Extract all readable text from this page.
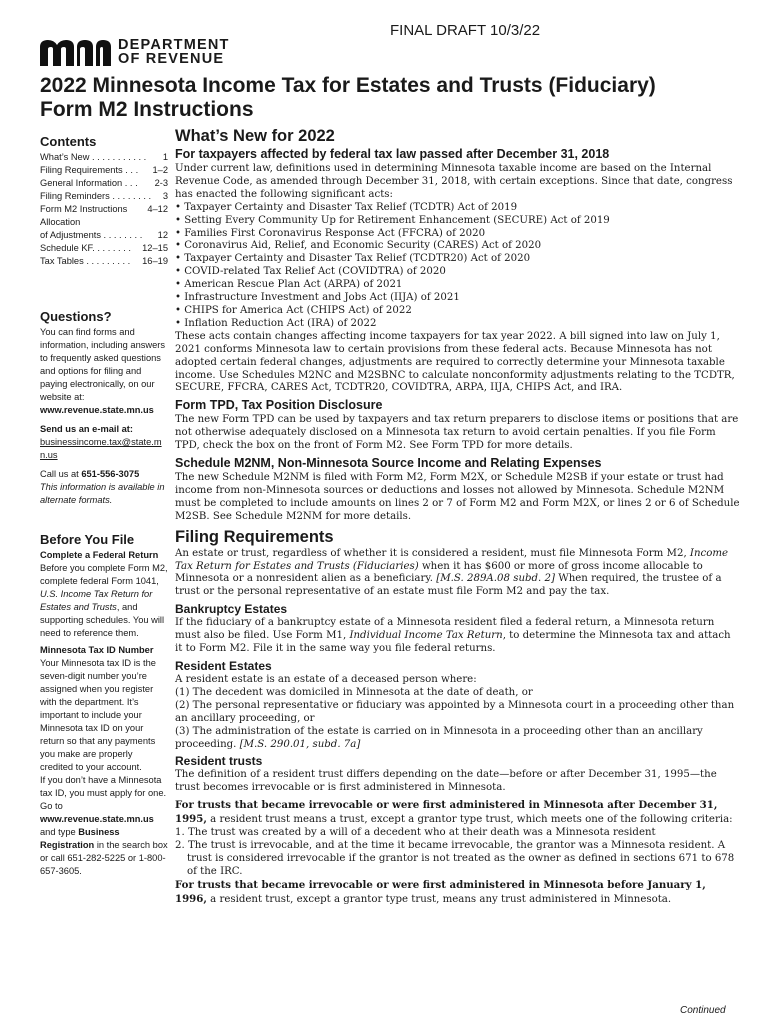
FINAL DRAFT 10/3/22
DEPARTMENT
OF REVENUE
2022 Minnesota Income Tax for Estates and Trusts (Fiduciary)
Form M2 Instructions
Contents
What’s New . . . . . . . . . . . 1
Filing Requirements . . . 1–2
General Information . . . 2-3
Filing Reminders . . . . . . . . 3
Form M2 Instructions 4–12
Allocation
of Adjustments . . . . . . . . 12
Schedule KF. . . . . . . . 12–15
Tax Tables . . . . . . . . . 16–19
Questions?

You can find forms and information, including answers to frequently asked questions and options for filing and paying electronically, on our website at:

www.revenue.state.mn.us

Send us an e-mail at:

businessincome.tax@state.mn.us

Call us at 651-556-3075

This information is available in alternate formats.

Before You File

Complete a Federal Return

Before you complete Form M2, complete federal Form 1041, U.S. Income Tax Return for Estates and Trusts, and supporting schedules. You will need to reference them.

Minnesota Tax ID Number

Your Minnesota tax ID is the seven-digit number you’re assigned when you register with the department. It’s important to include your Minnesota tax ID on your return so that any payments you make are properly credited to your account.

If you don’t have a Minnesota tax ID, you must apply for one. Go to www.revenue.state.mn.us and type Business Registration in the search box or call 651-282-5225 or 1-800-657-3605.

What’s New for 2022
For taxpayers affected by federal tax law passed after December 31, 2018

Under current law, definitions used in determining Minnesota taxable income are based on the Internal Revenue Code, as amended through December 31, 2018, with certain exceptions. Since that date, congress has enacted the following significant acts:

• Taxpayer Certainty and Disaster Tax Relief (TCDTR) Act of 2019
• Setting Every Community Up for Retirement Enhancement (SECURE) Act of 2019
• Families First Coronavirus Response Act (FFCRA) of 2020
• Coronavirus Aid, Relief, and Economic Security (CARES) Act of 2020
• Taxpayer Certainty and Disaster Tax Relief (TCDTR20) Act of 2020
• COVID-related Tax Relief Act (COVIDTRA) of 2020
• American Rescue Plan Act (ARPA) of 2021
• Infrastructure Investment and Jobs Act (IIJA) of 2021
• CHIPS for America Act (CHIPS Act) of 2022
• Inflation Reduction Act (IRA) of 2022

These acts contain changes affecting income taxpayers for tax year 2022. A bill signed into law on July 1, 2021 conforms Minnesota law to certain provisions from these federal acts. Because Minnesota has not adopted certain federal changes, adjustments are required to correctly determine your Minnesota taxable income. Use Schedules M2NC and M2SBNC to calculate nonconformity adjustments relating to the TCDTR, SECURE, FFCRA, CARES Act, TCDTR20, COVIDTRA, ARPA, IIJA, CHIPS Act, and IRA.

Form TPD, Tax Position Disclosure

The new Form TPD can be used by taxpayers and tax return preparers to disclose items or positions that are not otherwise adequately disclosed on a Minnesota tax return to avoid certain penalties. If you file Form TPD, check the box on the front of Form M2. See Form TPD for more details.

Schedule M2NM, Non-Minnesota Source Income and Relating Expenses

The new Schedule M2NM is filed with Form M2, Form M2X, or Schedule M2SB if your estate or trust had income from non-Minnesota sources or deductions and losses not allowed by Minnesota. Schedule M2NM must be completed to include amounts on lines 2 or 7 of Form M2 and Form M2X, or lines 2 or 6 of Schedule M2SB. See Schedule M2NM for more details.

Filing Requirements

An estate or trust, regardless of whether it is considered a resident, must file Minnesota Form M2, Income Tax Return for Estates and Trusts (Fiduciaries) when it has $600 or more of gross income allocable to Minnesota or a nonresident alien as a beneficiary. [M.S. 289A.08 subd. 2] When required, the trustee of a trust or the personal representative of an estate must file Form M2 and pay the tax.

Bankruptcy Estates

If the fiduciary of a bankruptcy estate of a Minnesota resident filed a federal return, a Minnesota return must also be filed. Use Form M1, Individual Income Tax Return, to determine the Minnesota tax and attach it to Form M2. File it in the same way you file federal returns.

Resident Estates

A resident estate is an estate of a deceased person where:

(1) The decedent was domiciled in Minnesota at the date of death, or
(2) The personal representative or fiduciary was appointed by a Minnesota court in a proceeding other than an ancillary proceeding, or
(3) The administration of the estate is carried on in Minnesota in a proceeding other than an ancillary proceeding. [M.S. 290.01, subd. 7a]
Resident trusts

The definition of a resident trust differs depending on the date—before or after December 31, 1995—the trust becomes irrevocable or is first administered in Minnesota.

For trusts that became irrevocable or were first administered in Minnesota after December 31, 1995, a resident trust means a trust, except a grantor type trust, which meets one of the following criteria:

1. The trust was created by a will of a decedent who at their death was a Minnesota resident
2. The trust is irrevocable, and at the time it became irrevocable, the grantor was a Minnesota resident. A trust is considered irrevocable if the grantor is not treated as the owner as defined in sections 671 to 678 of the IRC.

For trusts that became irrevocable or were first administered in Minnesota before January 1, 1996, a resident trust, except a grantor type trust, means any trust administered in Minnesota.

Continued
